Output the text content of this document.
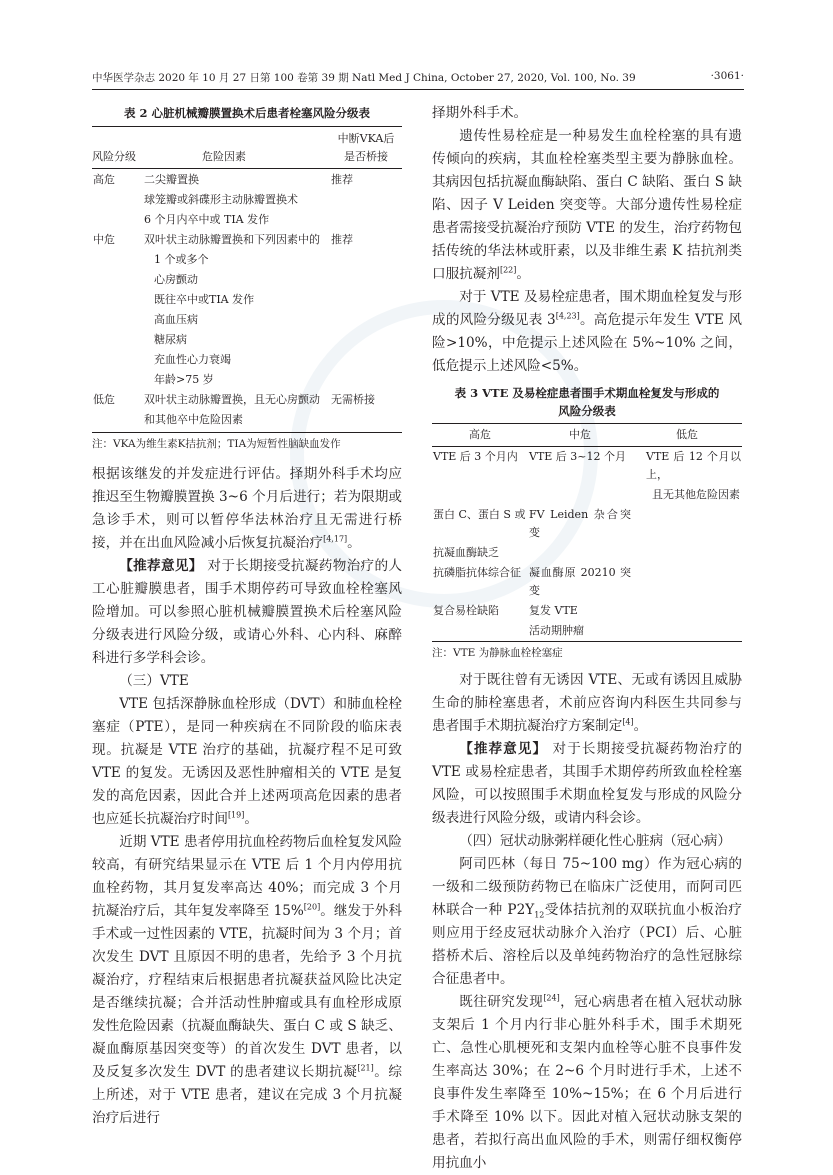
中华医学杂志 2020 年 10 月 27 日第 100 卷第 39 期 Natl Med J China, October 27, 2020, Vol. 100, No. 39	·3061·
表 2 心脏机械瓣膜置换术后患者栓塞风险分级表
风险分级	危险因素	中断VKA后
是否桥接

高危	二尖瓣置换	推荐
	球笼瓣或斜碟形主动脉瓣置换术	
	6 个月内卒中或 TIA 发作	
中危	双叶状主动脉瓣置换和下列因素中的	推荐
	1 个或多个	
	心房颤动	
	既往卒中或TIA 发作	
	高血压病	
	糖尿病	
	充血性心力衰竭	
	年龄>75 岁	
低危	双叶状主动脉瓣置换，且无心房颤动	无需桥接
	和其他卒中危险因素	
注：VKA为维生素K拮抗剂；TIA为短暂性脑缺血发作

根据该继发的并发症进行评估。择期外科手术均应推迟至生物瓣膜置换 3~6 个月后进行；若为限期或急诊手术，则可以暂停华法林治疗且无需进行桥接，并在出血风险减小后恢复抗凝治疗[4,17]。

【推荐意见】 对于长期接受抗凝药物治疗的人工心脏瓣膜患者，围手术期停药可导致血栓栓塞风险增加。可以参照心脏机械瓣膜置换术后栓塞风险分级表进行风险分级，或请心外科、心内科、麻醉科进行多学科会诊。

（三）VTE

VTE 包括深静脉血栓形成（DVT）和肺血栓栓塞症（PTE），是同一种疾病在不同阶段的临床表现。抗凝是 VTE 治疗的基础，抗凝疗程不足可致 VTE 的复发。无诱因及恶性肿瘤相关的 VTE 是复发的高危因素，因此合并上述两项高危因素的患者也应延长抗凝治疗时间[19]。

近期 VTE 患者停用抗血栓药物后血栓复发风险较高，有研究结果显示在 VTE 后 1 个月内停用抗血栓药物，其月复发率高达 40%；而完成 3 个月抗凝治疗后，其年复发率降至 15%[20]。继发于外科手术或一过性因素的 VTE，抗凝时间为 3 个月；首次发生 DVT 且原因不明的患者，先给予 3 个月抗凝治疗，疗程结束后根据患者抗凝获益风险比决定是否继续抗凝；合并活动性肿瘤或具有血栓形成原发性危险因素（抗凝血酶缺失、蛋白 C 或 S 缺乏、凝血酶原基因突变等）的首次发生 DVT 患者，以及反复多次发生 DVT 的患者建议长期抗凝[21]。综上所述，对于 VTE 患者，建议在完成 3 个月抗凝治疗后进行

择期外科手术。

遗传性易栓症是一种易发生血栓栓塞的具有遗传倾向的疾病，其血栓栓塞类型主要为静脉血栓。其病因包括抗凝血酶缺陷、蛋白 C 缺陷、蛋白 S 缺陷、因子 V Leiden 突变等。大部分遗传性易栓症患者需接受抗凝治疗预防 VTE 的发生，治疗药物包括传统的华法林或肝素，以及非维生素 K 拮抗剂类口服抗凝剂[22]。

对于 VTE 及易栓症患者，围术期血栓复发与形成的风险分级见表 3[4,23]。高危提示年发生 VTE 风险>10%，中危提示上述风险在 5%~10% 之间，低危提示上述风险<5%。

表 3 VTE 及易栓症患者围手术期血栓复发与形成的
风险分级表
高危	中危	低危
VTE 后 3 个月内	VTE 后 3~12 个月	VTE 后 12 个月以上，
		且无其他危险因素
蛋白 C、蛋白 S 或	FV Leiden 杂合突变	
抗凝血酶缺乏		
抗磷脂抗体综合征	凝血酶原 20210 突变	
复合易栓缺陷	复发 VTE	
	活动期肿瘤	
注：VTE 为静脉血栓栓塞症

对于既往曾有无诱因 VTE、无或有诱因且威胁生命的肺栓塞患者，术前应咨询内科医生共同参与患者围手术期抗凝治疗方案制定[4]。

【推荐意见】 对于长期接受抗凝药物治疗的 VTE 或易栓症患者，其围手术期停药所致血栓栓塞风险，可以按照围手术期血栓复发与形成的风险分级表进行风险分级，或请内科会诊。

（四）冠状动脉粥样硬化性心脏病（冠心病）

阿司匹林（每日 75~100 mg）作为冠心病的一级和二级预防药物已在临床广泛使用，而阿司匹林联合一种 $P2Y_{12}$受体拮抗剂的双联抗血小板治疗则应用于经皮冠状动脉介入治疗（PCI）后、心脏搭桥术后、溶栓后以及单纯药物治疗的急性冠脉综合征患者中。

既往研究发现[24]，冠心病患者在植入冠状动脉支架后 1 个月内行非心脏外科手术，围手术期死亡、急性心肌梗死和支架内血栓等心脏不良事件发生率高达 30%；在 2~6 个月时进行手术，上述不良事件发生率降至 10%~15%；在 6 个月后进行手术降至 10% 以下。因此对植入冠状动脉支架的患者，若拟行高出血风险的手术，则需仔细权衡停用抗血小
